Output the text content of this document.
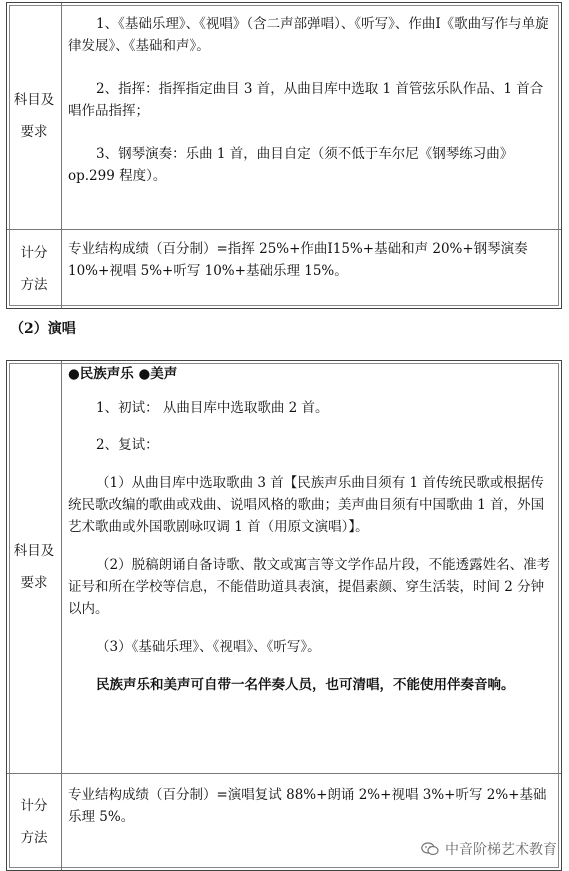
科目及
要求

1、《基础乐理》、《视唱》（含二声部弹唱）、《听写》、作曲Ⅰ《歌曲写作与单旋律发展》、《基础和声》。

2、指挥：指挥指定曲目 3 首，从曲目库中选取 1 首管弦乐队作品、1 首合唱作品指挥；

3、钢琴演奏：乐曲 1 首，曲目自定（须不低于车尔尼《钢琴练习曲》op.299 程度）。

计分
方法

专业结构成绩（百分制）=指挥 25%+作曲Ⅰ15%+基础和声 20%+钢琴演奏 10%+视唱 5%+听写 10%+基础乐理 15%。

（2）演唱
科目及
要求

●民族声乐 ●美声

1、初试： 从曲目库中选取歌曲 2 首。

2、复试：

（1）从曲目库中选取歌曲 3 首【民族声乐曲目须有 1 首传统民歌或根据传统民歌改编的歌曲或戏曲、说唱风格的歌曲；美声曲目须有中国歌曲 1 首，外国艺术歌曲或外国歌剧咏叹调 1 首（用原文演唱）】。

（2）脱稿朗诵自备诗歌、散文或寓言等文学作品片段，不能透露姓名、准考证号和所在学校等信息，不能借助道具表演，提倡素颜、穿生活装，时间 2 分钟以内。

（3）《基础乐理》、《视唱》、《听写》。

民族声乐和美声可自带一名伴奏人员，也可清唱，不能使用伴奏音响。

计分
方法

专业结构成绩（百分制）=演唱复试 88%+朗诵 2%+视唱 3%+听写 2%+基础乐理 5%。

中音阶梯艺术教育
